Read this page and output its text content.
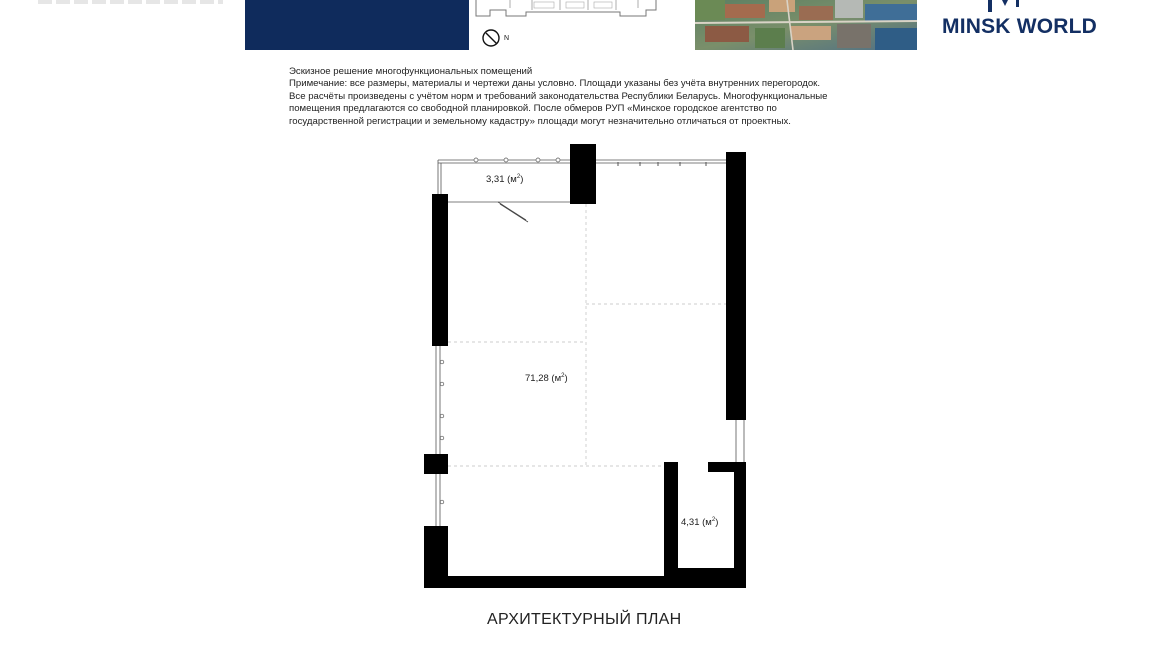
N
MINSK WORLD
Эскизное решение многофункциональных помещений
Примечание: все размеры, материалы и чертежи даны условно. Площади указаны без учёта внутренних перегородок.
Все расчёты произведены с учётом норм и требований законодательства Республики Беларусь. Многофункциональные
помещения предлагаются со свободной планировкой. После обмеров РУП «Минское городское агентство по
государственной регистрации и земельному кадастру» площади могут незначительно отличаться от проектных.
3,31 $(м^2)$
71,28 $(м^2)$
4,31 $(м^2)$
АРХИТЕКТУРНЫЙ ПЛАН
